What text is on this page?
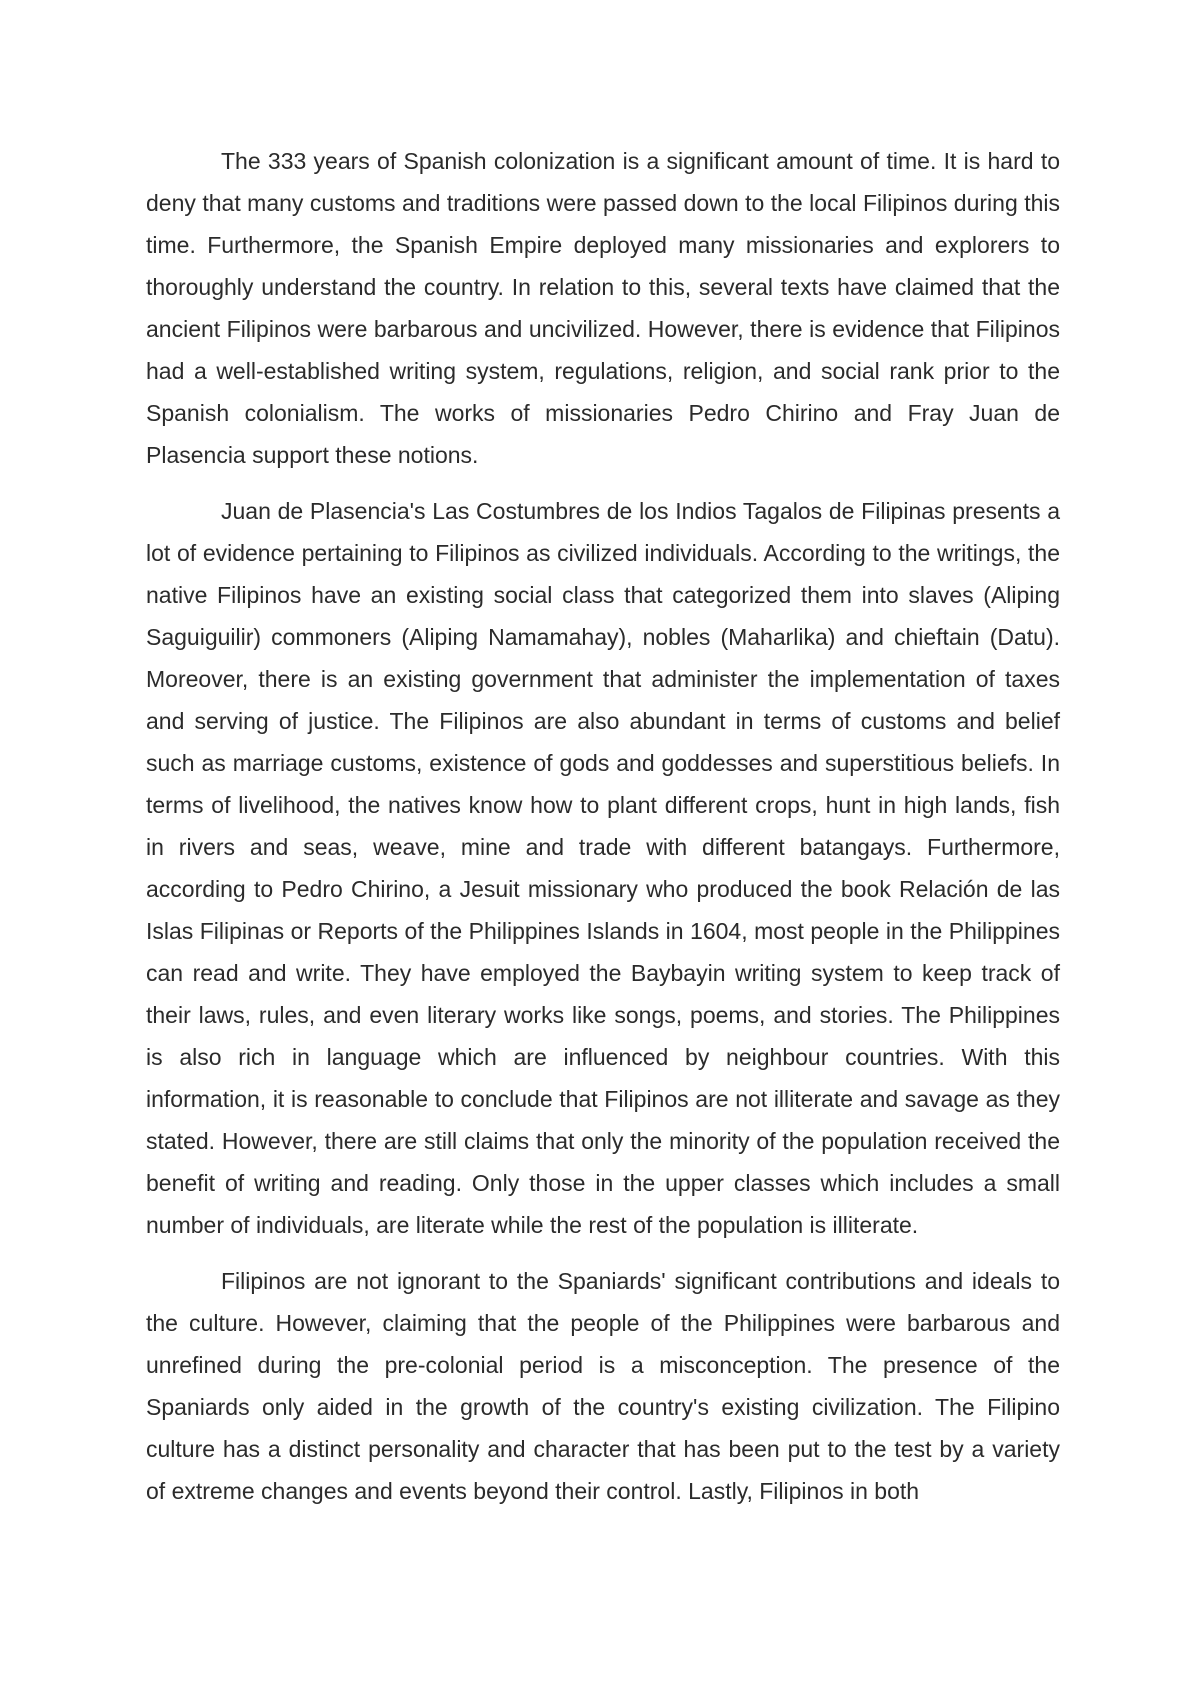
The 333 years of Spanish colonization is a significant amount of time. It is hard to deny that many customs and traditions were passed down to the local Filipinos during this time. Furthermore, the Spanish Empire deployed many missionaries and explorers to thoroughly understand the country. In relation to this, several texts have claimed that the ancient Filipinos were barbarous and uncivilized. However, there is evidence that Filipinos had a well-established writing system, regulations, religion, and social rank prior to the Spanish colonialism. The works of missionaries Pedro Chirino and Fray Juan de Plasencia support these notions.

Juan de Plasencia's Las Costumbres de los Indios Tagalos de Filipinas presents a lot of evidence pertaining to Filipinos as civilized individuals. According to the writings, the native Filipinos have an existing social class that categorized them into slaves (Aliping Saguiguilir) commoners (Aliping Namamahay), nobles (Maharlika) and chieftain (Datu). Moreover, there is an existing government that administer the implementation of taxes and serving of justice. The Filipinos are also abundant in terms of customs and belief such as marriage customs, existence of gods and goddesses and superstitious beliefs. In terms of livelihood, the natives know how to plant different crops, hunt in high lands, fish in rivers and seas, weave, mine and trade with different batangays. Furthermore, according to Pedro Chirino, a Jesuit missionary who produced the book Relación de las Islas Filipinas or Reports of the Philippines Islands in 1604, most people in the Philippines can read and write. They have employed the Baybayin writing system to keep track of their laws, rules, and even literary works like songs, poems, and stories. The Philippines is also rich in language which are influenced by neighbour countries. With this information, it is reasonable to conclude that Filipinos are not illiterate and savage as they stated. However, there are still claims that only the minority of the population received the benefit of writing and reading. Only those in the upper classes which includes a small number of individuals, are literate while the rest of the population is illiterate.

Filipinos are not ignorant to the Spaniards' significant contributions and ideals to the culture. However, claiming that the people of the Philippines were barbarous and unrefined during the pre-colonial period is a misconception. The presence of the Spaniards only aided in the growth of the country's existing civilization. The Filipino culture has a distinct personality and character that has been put to the test by a variety of extreme changes and events beyond their control. Lastly, Filipinos in both
